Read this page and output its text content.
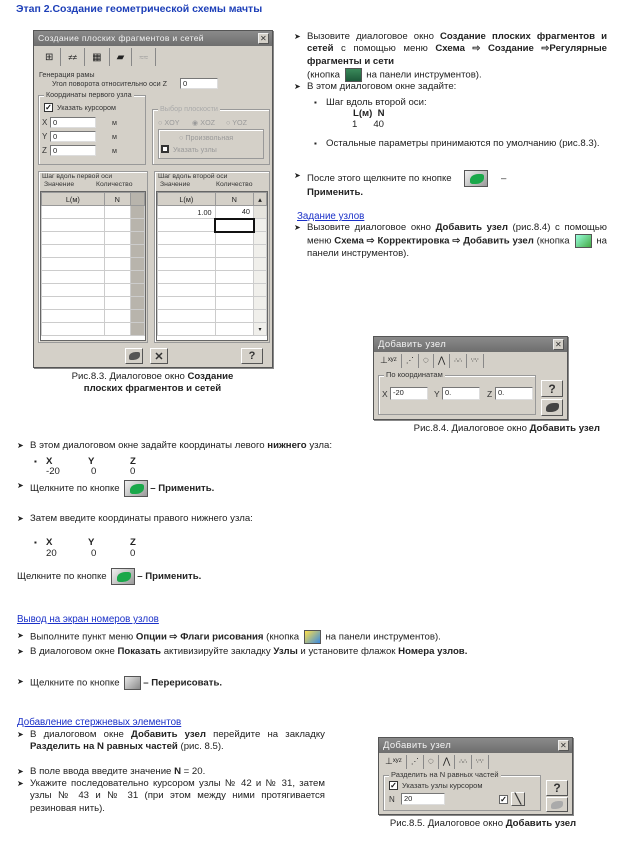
Этап 2.Создание геометрической схемы мачты
Создание плоских фрагментов и сетей	✕
⊞ ≠≠ ▦ ▰ ≈≈
Генерация рамы
Угол поворота относительно оси Z	0
Координаты первого узла
✓ Указать курсором
X 0	м
Y 0	м
Z 0	м
Выбор плоскости
○ XOY ◉ XOZ ○ YOZ
○ Произвольная
Указать узлы
Шаг вдоль первой оси
Значение	Количество
L(м)	N	

Шаг вдоль второй оси
Значение	Количество
L(м)	N	▴
1.00	40	

		▾
✕	?
Рис.8.3. Диалоговое окно Создание
плоских фрагментов и сетей
➤ Вызовите диалоговое окно Создание плоских фрагментов и сетей с помощью меню Схема ⇨ Создание ⇨Регулярные фрагменты и сети
(кнопка  на панели инструментов).
➤ В этом диалоговом окне задайте:
▪ Шаг вдоль второй оси:
L(м)  N
1      40
▪ Остальные параметры принимаются по умолчанию (рис.8.3).
➤ После этого щелкните по кнопке	–
Применить.
Задание узлов
➤ Вызовите диалоговое окно Добавить узел (рис.8.4) с помощью меню Схема ⇨ Корректировка ⇨ Добавить узел (кнопка  на панели инструментов).
Добавить узел	✕
⊥ˣʸᶻ ⋰ ◌ ⋀ ∴∴ ∵∵
По координатам
X -20	Y 0.	Z 0.	?
Рис.8.4. Диалоговое окно Добавить узел
➤ В этом диалоговом окне задайте координаты левого нижнего узла:
X	Y	Z
-20	0	0
➤ Щелкните по кнопке	– Применить.
➤ Затем введите координаты правого нижнего узла:
X	Y	Z
20	0	0
Щелкните по кнопке	– Применить.
Вывод на экран номеров узлов
➤ Выполните пункт меню Опции ⇨ Флаги рисования (кнопка  на панели инструментов).
➤ В диалоговом окне Показать активизируйте закладку Узлы и установите флажок Номера узлов.
➤ Щелкните по кнопке – Перерисовать.
Добавление стержневых элементов
➤ В диалоговом окне Добавить узел перейдите на закладку Разделить на N равных частей (рис. 8.5).
➤ В поле ввода введите значение N = 20.
➤ Укажите последовательно курсором узлы № 42 и № 31, затем узлы № 43 и № 31 (при этом между ними протягивается резиновая нить).
Добавить узел	✕
⊥ˣʸᶻ ⋰ ◌ ⋀ ∴∴ ∵∵
Разделить на N равных частей
✓ Указать узлы курсором
N	20	✓ ╲
?
Рис.8.5. Диалоговое окно Добавить узел
